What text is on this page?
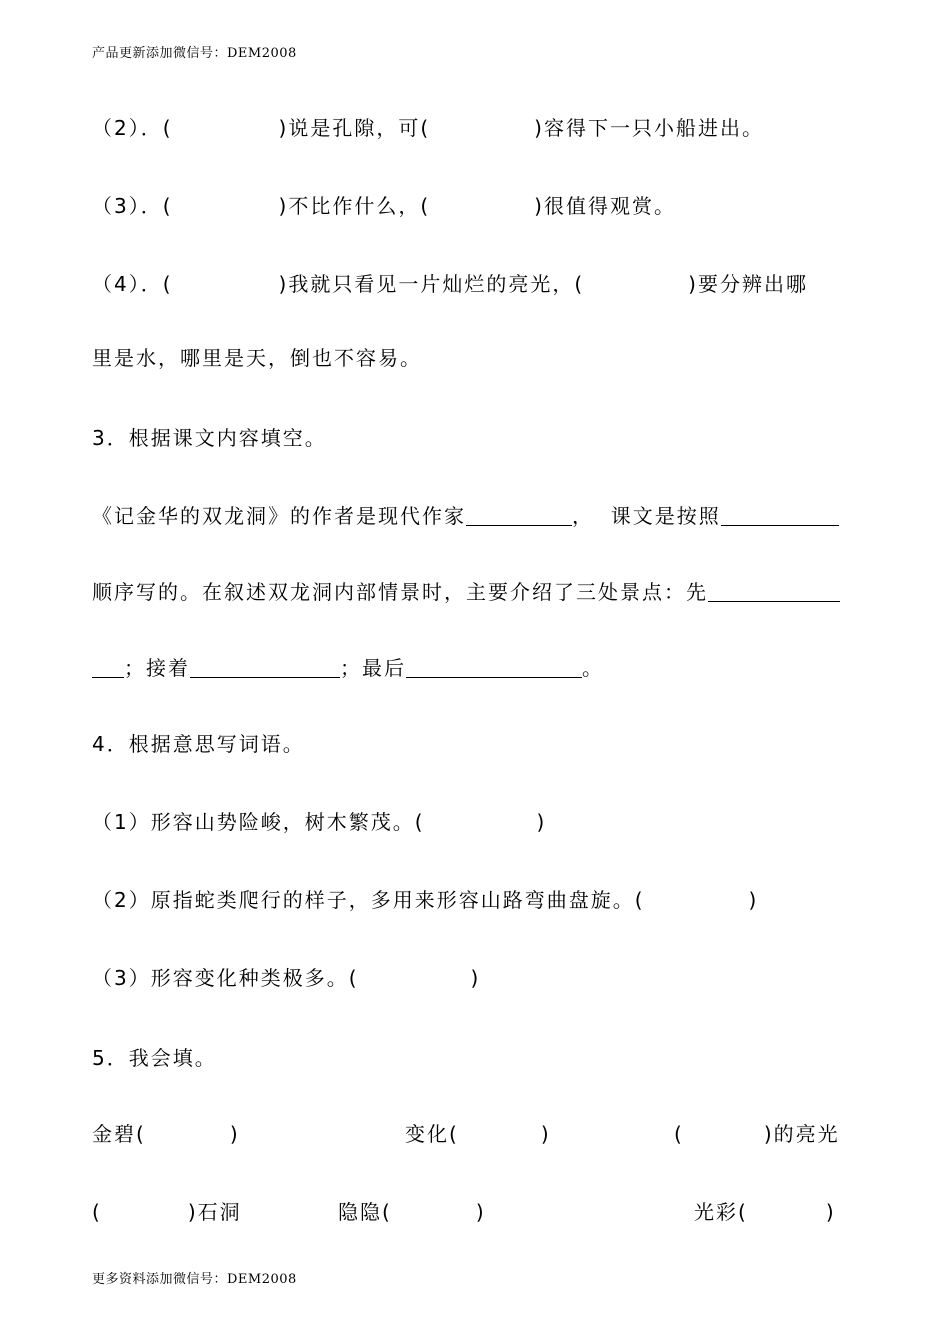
产品更新添加微信号：DEM2008
（2）．(	)说是孔隙，可(	)容得下一只小船进出。
（3）．(	)不比作什么，(	)很值得观赏。
（4）．(	)我就只看见一片灿烂的亮光，(	)要分辨出哪
里是水，哪里是天，倒也不容易。
3．根据课文内容填空。
《记金华的双龙洞》的作者是现代作家	，  课文是按照
顺序写的。在叙述双龙洞内部情景时，主要介绍了三处景点：先
；接着	；最后	。
4．根据意思写词语。
（1）形容山势险峻，树木繁茂。(	)
（2）原指蛇类爬行的样子，多用来形容山路弯曲盘旋。(	)
（3）形容变化种类极多。(	)
5．我会填。
金碧(	)	变化(	)	(	)的亮光
(	)石洞	隐隐(	)	光彩(	)
更多资料添加微信号：DEM2008
